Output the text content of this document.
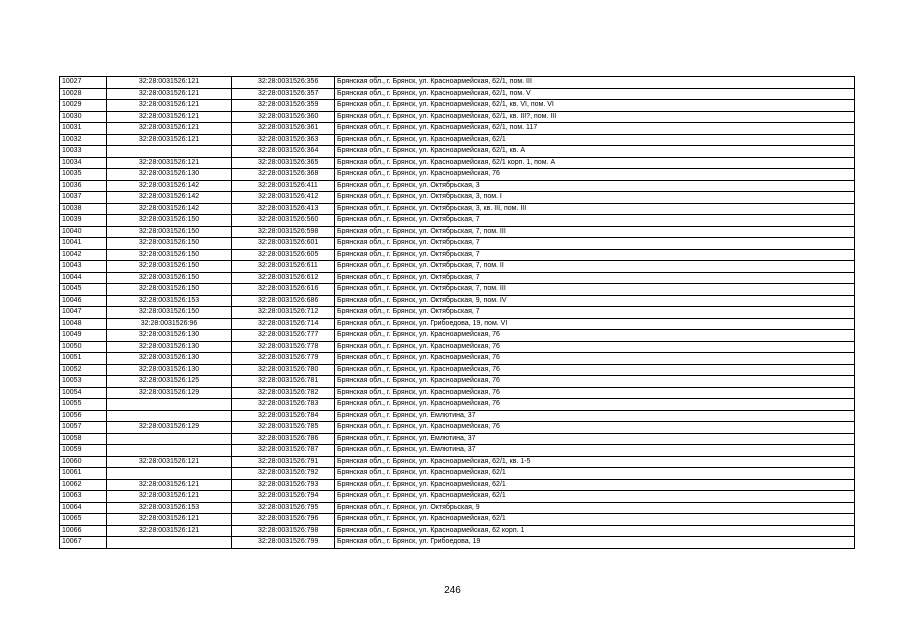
10027	32:28:0031526:121	32:28:0031526:356	Брянская обл., г. Брянск, ул. Красноармейская, 62/1, пом. III
10028	32:28:0031526:121	32:28:0031526:357	Брянская обл., г. Брянск, ул. Красноармейская, 62/1, пом. V
10029	32:28:0031526:121	32:28:0031526:359	Брянская обл., г. Брянск, ул. Красноармейская, 62/1, кв. VI, пом. VI
10030	32:28:0031526:121	32:28:0031526:360	Брянская обл., г. Брянск, ул. Красноармейская, 62/1, кв. III?, пом. III
10031	32:28:0031526:121	32:28:0031526:361	Брянская обл., г. Брянск, ул. Красноармейская, 62/1, пом. 117
10032	32:28:0031526:121	32:28:0031526:363	Брянская обл., г. Брянск, ул. Красноармейская, 62/1
10033		32:28:0031526:364	Брянская обл., г. Брянск, ул. Красноармейская, 62/1, кв. А
10034	32:28:0031526:121	32:28:0031526:365	Брянская обл., г. Брянск, ул. Красноармейская, 62/1 корп. 1, пом. А
10035	32:28:0031526:130	32:28:0031526:368	Брянская обл., г. Брянск, ул. Красноармейская, 76
10036	32:28:0031526:142	32:28:0031526:411	Брянская обл., г. Брянск, ул. Октябрьская, 3
10037	32:28:0031526:142	32:28:0031526:412	Брянская обл., г. Брянск, ул. Октябрьская, 3, пом. I
10038	32:28:0031526:142	32:28:0031526:413	Брянская обл., г. Брянск, ул. Октябрьская, 3, кв. III, пом. III
10039	32:28:0031526:150	32:28:0031526:560	Брянская обл., г. Брянск, ул. Октябрьская, 7
10040	32:28:0031526:150	32:28:0031526:598	Брянская обл., г. Брянск, ул. Октябрьская, 7, пом. III
10041	32:28:0031526:150	32:28:0031526:601	Брянская обл., г. Брянск, ул. Октябрьская, 7
10042	32:28:0031526:150	32:28:0031526:605	Брянская обл., г. Брянск, ул. Октябрьская, 7
10043	32:28:0031526:150	32:28:0031526:611	Брянская обл., г. Брянск, ул. Октябрьская, 7, пом. II
10044	32:28:0031526:150	32:28:0031526:612	Брянская обл., г. Брянск, ул. Октябрьская, 7
10045	32:28:0031526:150	32:28:0031526:616	Брянская обл., г. Брянск, ул. Октябрьская, 7, пом. III
10046	32:28:0031526:153	32:28:0031526:686	Брянская обл., г. Брянск, ул. Октябрьская, 9, пом. IV
10047	32:28:0031526:150	32:28:0031526:712	Брянская обл., г. Брянск, ул. Октябрьская, 7
10048	32:28:0031526:96	32:28:0031526:714	Брянская обл., г. Брянск, ул. Грибоедова, 19, пом. VI
10049	32:28:0031526:130	32:28:0031526:777	Брянская обл., г. Брянск, ул. Красноармейская, 76
10050	32:28:0031526:130	32:28:0031526:778	Брянская обл., г. Брянск, ул. Красноармейская, 76
10051	32:28:0031526:130	32:28:0031526:779	Брянская обл., г. Брянск, ул. Красноармейская, 76
10052	32:28:0031526:130	32:28:0031526:780	Брянская обл., г. Брянск, ул. Красноармейская, 76
10053	32:28:0031526:125	32:28:0031526:781	Брянская обл., г. Брянск, ул. Красноармейская, 76
10054	32:28:0031526:129	32:28:0031526:782	Брянская обл., г. Брянск, ул. Красноармейская, 76
10055		32:28:0031526:783	Брянская обл., г. Брянск, ул. Красноармейская, 76
10056		32:28:0031526:784	Брянская обл., г. Брянск, ул. Емлютина, 37
10057	32:28:0031526:129	32:28:0031526:785	Брянская обл., г. Брянск, ул. Красноармейская, 76
10058		32:28:0031526:786	Брянская обл., г. Брянск, ул. Емлютина, 37
10059		32:28:0031526:787	Брянская обл., г. Брянск, ул. Емлютина, 37
10060	32:28:0031526:121	32:28:0031526:791	Брянская обл., г. Брянск, ул. Красноармейская, 62/1, кв. 1-5
10061		32:28:0031526:792	Брянская обл., г. Брянск, ул. Красноармейская, 62/1
10062	32:28:0031526:121	32:28:0031526:793	Брянская обл., г. Брянск, ул. Красноармейская, 62/1
10063	32:28:0031526:121	32:28:0031526:794	Брянская обл., г. Брянск, ул. Красноармейская, 62/1
10064	32:28:0031526:153	32:28:0031526:795	Брянская обл., г. Брянск, ул. Октябрьская, 9
10065	32:28:0031526:121	32:28:0031526:796	Брянская обл., г. Брянск, ул. Красноармейская, 62/1
10066	32:28:0031526:121	32:28:0031526:798	Брянская обл., г. Брянск, ул. Красноармейская, 62 корп. 1
10067		32:28:0031526:799	Брянская обл., г. Брянск, ул. Грибоедова, 19
246
